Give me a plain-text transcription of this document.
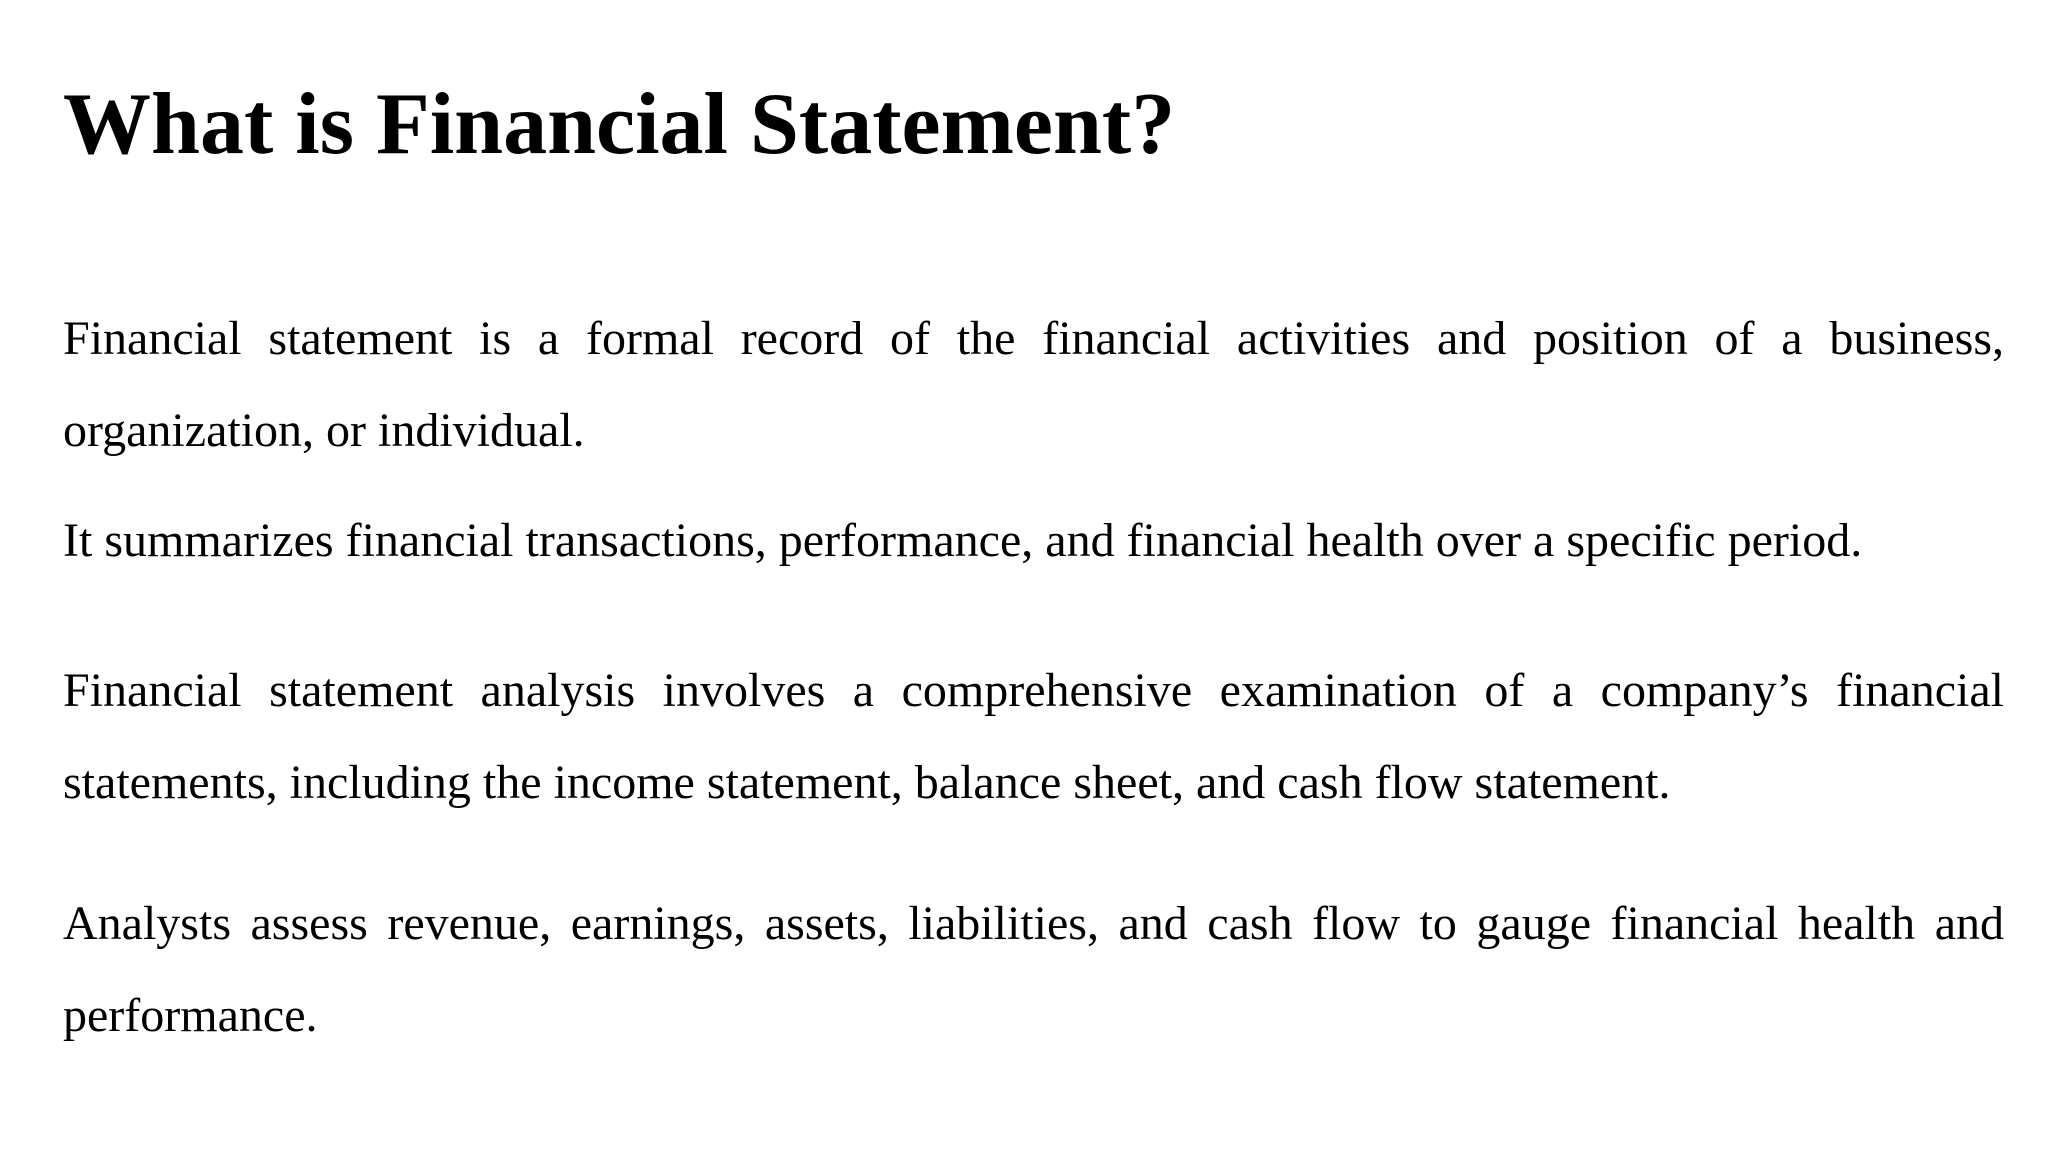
What is Financial Statement?

Financial statement is a formal record of the financial activities and position of a business, organization, or individual.

It summarizes financial transactions, performance, and financial health over a specific period.

Financial statement analysis involves a comprehensive examination of a company’s financial statements, including the income statement, balance sheet, and cash flow statement.

Analysts assess revenue, earnings, assets, liabilities, and cash flow to gauge financial health and performance.
